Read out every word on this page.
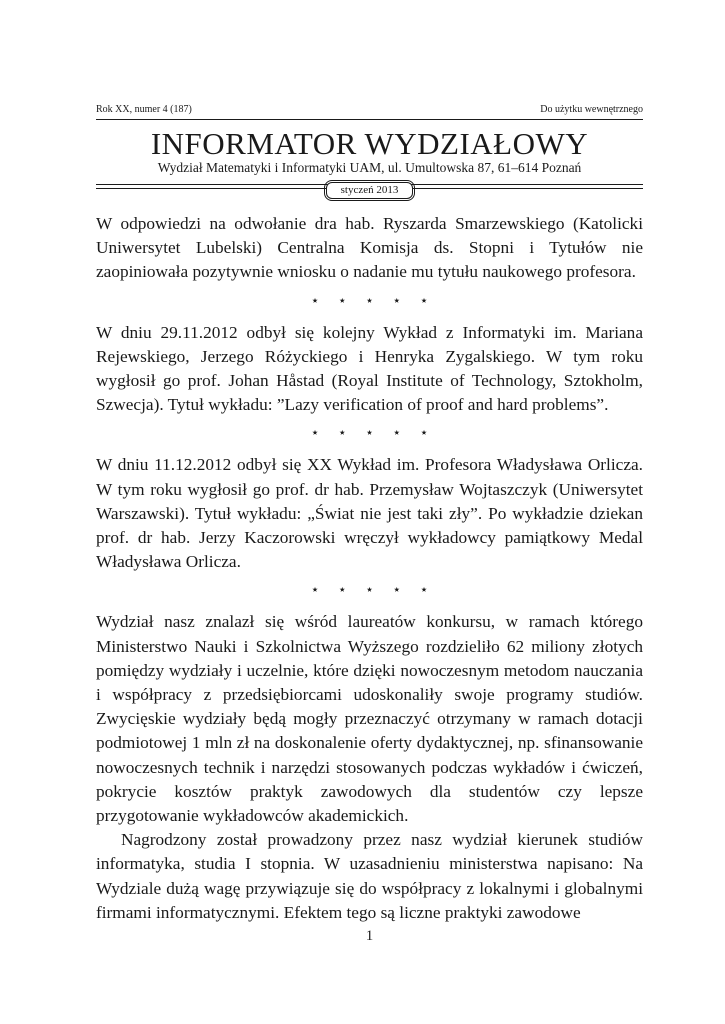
Rok XX, numer 4 (187)	Do użytku wewnętrznego
INFORMATOR WYDZIAŁOWY
Wydział Matematyki i Informatyki UAM, ul. Umultowska 87, 61–614 Poznań
styczeń 2013

W odpowiedzi na odwołanie dra hab. Ryszarda Smarzewskiego (Katolicki Uniwersytet Lubelski) Centralna Komisja ds. Stopni i Tytułów nie zaopiniowała pozytywnie wniosku o nadanie mu tytułu naukowego profesora.

⋆ ⋆ ⋆ ⋆ ⋆

W dniu 29.11.2012 odbył się kolejny Wykład z Informatyki im. Mariana Rejewskiego, Jerzego Różyckiego i Henryka Zygalskiego. W tym roku wygłosił go prof. Johan Håstad (Royal Institute of Technology, Sztokholm, Szwecja). Tytuł wykładu: ”Lazy verification of proof and hard problems”.

⋆ ⋆ ⋆ ⋆ ⋆

W dniu 11.12.2012 odbył się XX Wykład im. Profesora Władysława Orlicza. W tym roku wygłosił go prof. dr hab. Przemysław Wojtaszczyk (Uniwersytet Warszawski). Tytuł wykładu: „Świat nie jest taki zły”. Po wykładzie dziekan prof. dr hab. Jerzy Kaczorowski wręczył wykładowcy pamiątkowy Medal Władysława Orlicza.

⋆ ⋆ ⋆ ⋆ ⋆

Wydział nasz znalazł się wśród laureatów konkursu, w ramach którego Ministerstwo Nauki i Szkolnictwa Wyższego rozdzieliło 62 miliony złotych pomiędzy wydziały i uczelnie, które dzięki nowoczesnym metodom nauczania i współpracy z przedsiębiorcami udoskonaliły swoje programy studiów. Zwycięskie wydziały będą mogły przeznaczyć otrzymany w ramach dotacji podmiotowej 1 mln zł na doskonalenie oferty dydaktycznej, np. sfinansowanie nowoczesnych technik i narzędzi stosowanych podczas wykładów i ćwiczeń, pokrycie kosztów praktyk zawodowych dla studentów czy lepsze przygotowanie wykładowców akademickich.

Nagrodzony został prowadzony przez nasz wydział kierunek studiów informatyka, studia I stopnia. W uzasadnieniu ministerstwa napisano: Na Wydziale dużą wagę przywiązuje się do współpracy z lokalnymi i globalnymi firmami informatycznymi. Efektem tego są liczne praktyki zawodowe

1
